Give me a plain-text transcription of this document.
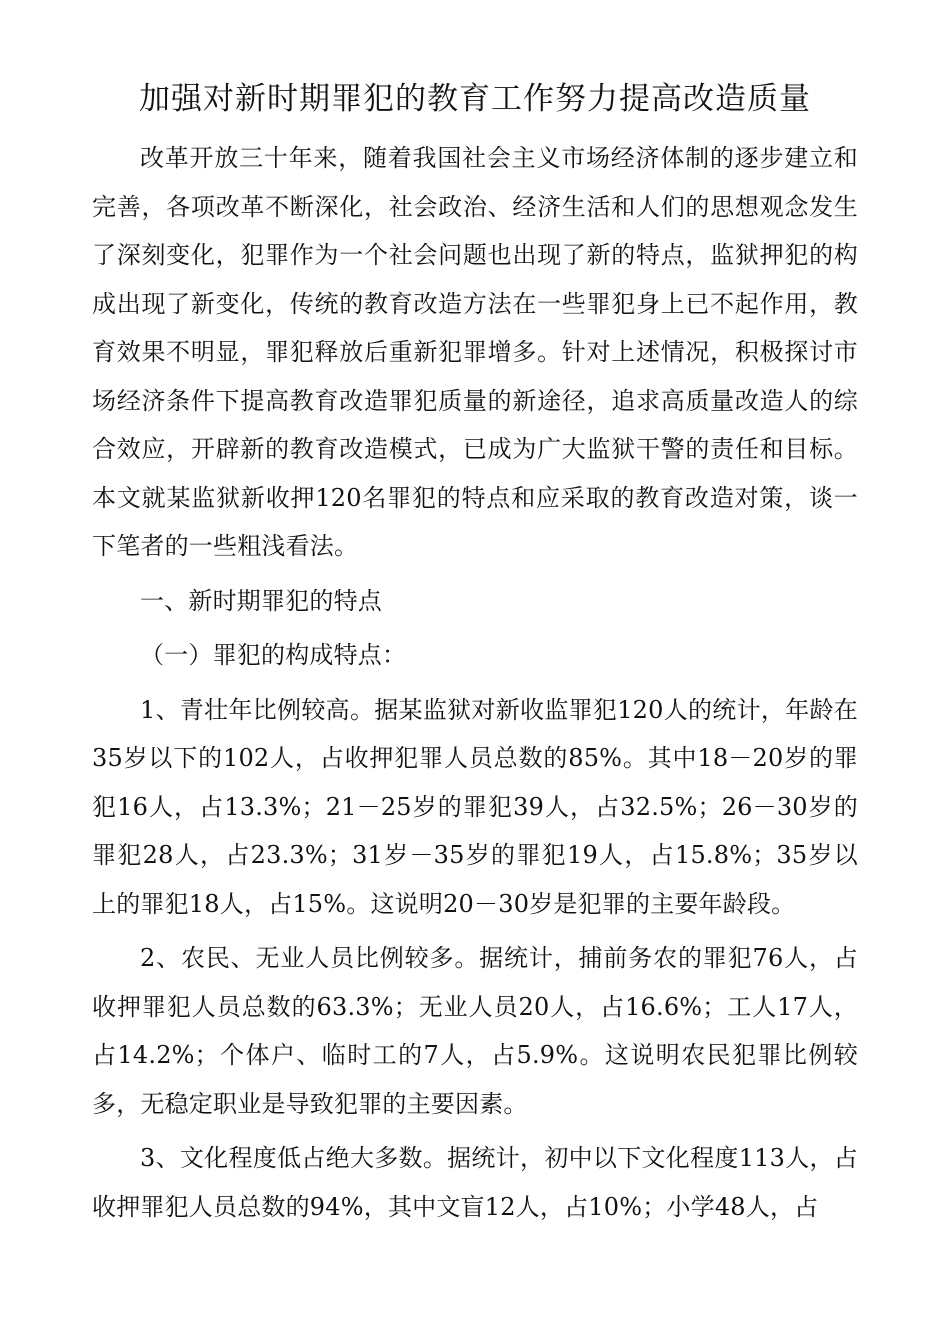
加强对新时期罪犯的教育工作努力提高改造质量

改革开放三十年来，随着我国社会主义市场经济体制的逐步建立和完善，各项改革不断深化，社会政治、经济生活和人们的思想观念发生了深刻变化，犯罪作为一个社会问题也出现了新的特点，监狱押犯的构成出现了新变化，传统的教育改造方法在一些罪犯身上已不起作用，教育效果不明显，罪犯释放后重新犯罪增多。针对上述情况，积极探讨市场经济条件下提高教育改造罪犯质量的新途径，追求高质量改造人的综合效应，开辟新的教育改造模式，已成为广大监狱干警的责任和目标。本文就某监狱新收押120名罪犯的特点和应采取的教育改造对策，谈一下笔者的一些粗浅看法。

一、新时期罪犯的特点

（一）罪犯的构成特点：

1、青壮年比例较高。据某监狱对新收监罪犯120人的统计，年龄在35岁以下的102人，占收押犯罪人员总数的85%。其中18－20岁的罪犯16人，占13.3%；21－25岁的罪犯39人，占32.5%；26－30岁的罪犯28人，占23.3%；31岁－35岁的罪犯19人，占15.8%；35岁以上的罪犯18人，占15%。这说明20－30岁是犯罪的主要年龄段。

2、农民、无业人员比例较多。据统计，捕前务农的罪犯76人，占收押罪犯人员总数的63.3%；无业人员20人，占16.6%；工人17人，占14.2%；个体户、临时工的7人，占5.9%。这说明农民犯罪比例较多，无稳定职业是导致犯罪的主要因素。

3、文化程度低占绝大多数。据统计，初中以下文化程度113人，占收押罪犯人员总数的94%，其中文盲12人，占10%；小学48人，占
